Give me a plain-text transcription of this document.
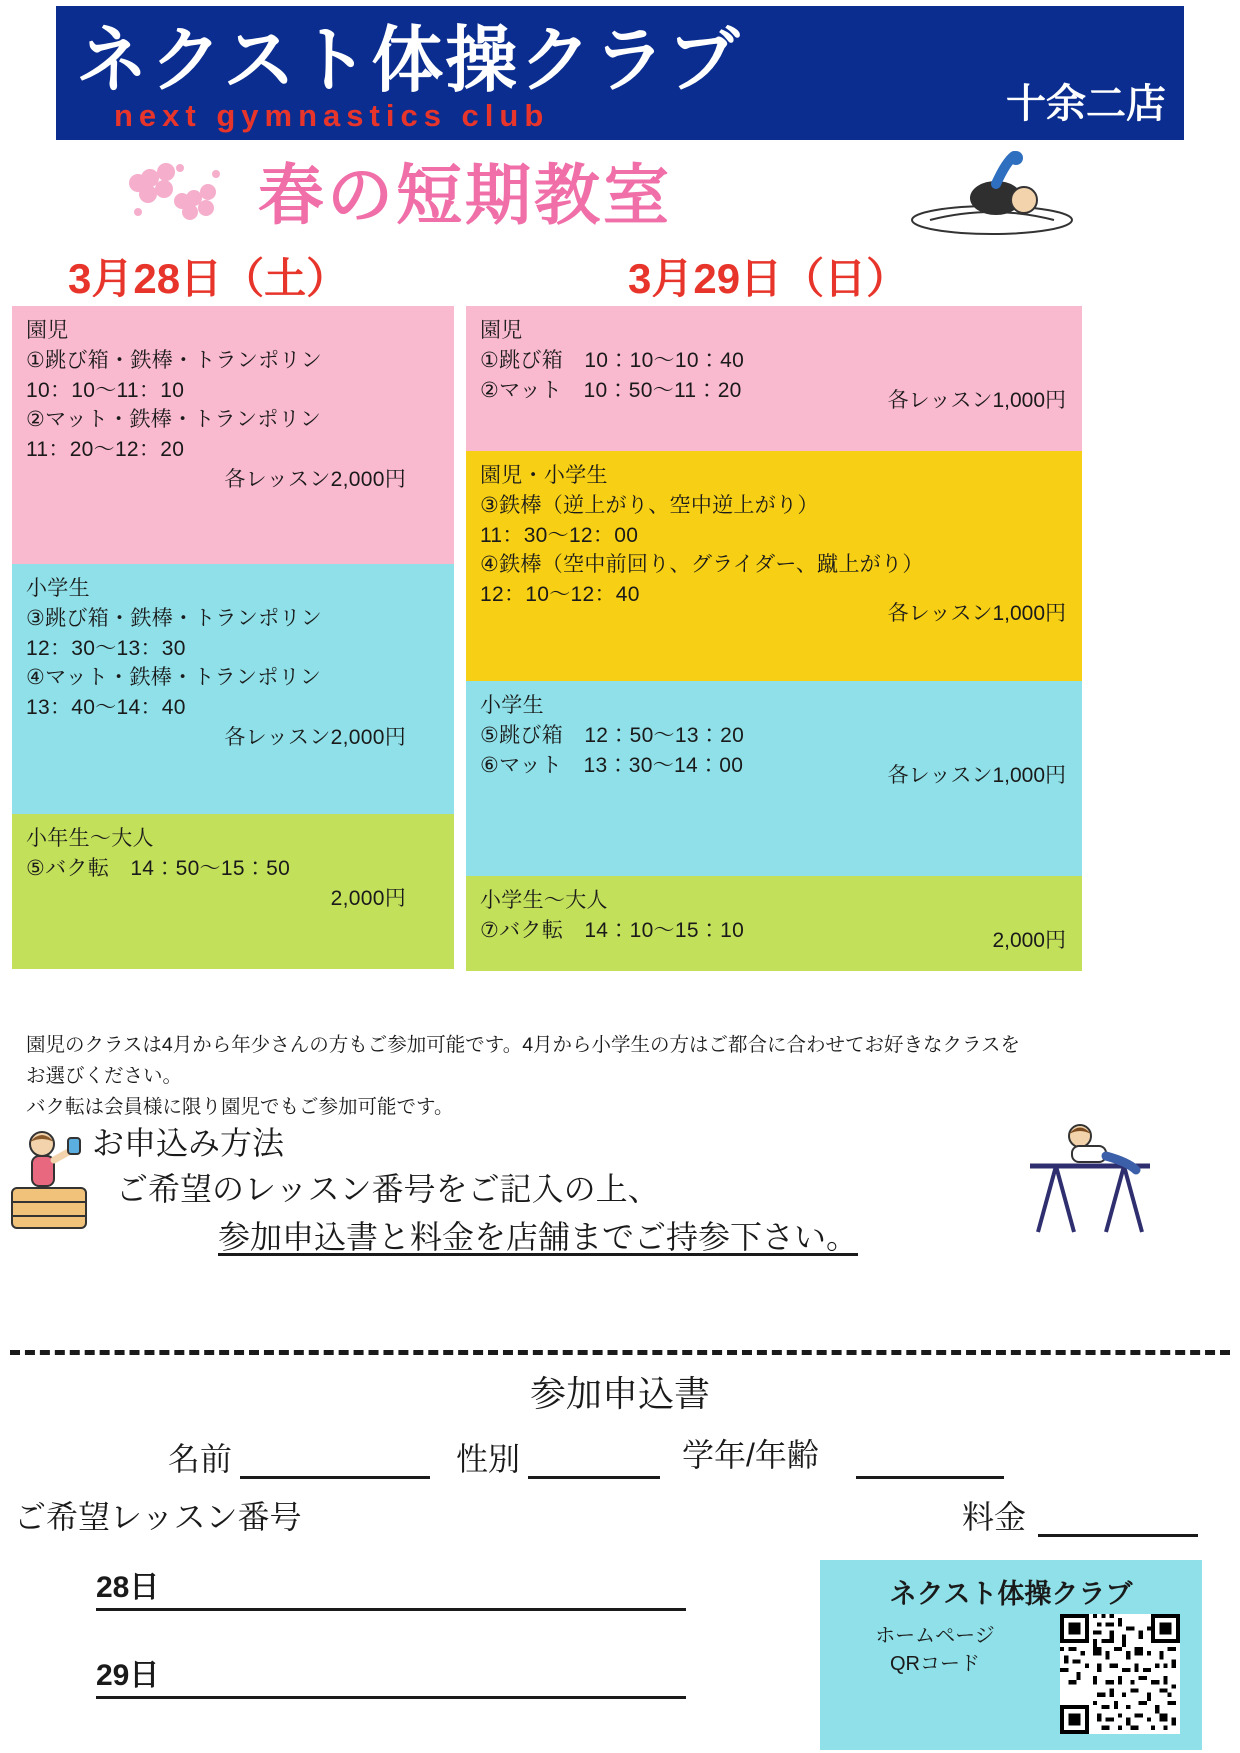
ネクスト体操クラブ
十余二店
next gymnastics club
春の短期教室
3月28日（土）	3月29日（日）
園児
①跳び箱・鉄棒・トランポリン
10：10〜11：10
②マット・鉄棒・トランポリン
11：20〜12：20
各レッスン2,000円
小学生
③跳び箱・鉄棒・トランポリン
12：30〜13：30
④マット・鉄棒・トランポリン
13：40〜14：40
各レッスン2,000円
小年生〜大人
⑤バク転　14：50〜15：50
2,000円
園児
①跳び箱　10：10〜10：40
②マット　10：50〜11：20	各レッスン1,000円
園児・小学生
③鉄棒（逆上がり、空中逆上がり）
11：30〜12：00
④鉄棒（空中前回り、グライダー、蹴上がり）
12：10〜12：40
各レッスン1,000円
小学生
⑤跳び箱　12：50〜13：20
⑥マット　13：30〜14：00	各レッスン1,000円
小学生〜大人
⑦バク転　14：10〜15：10	2,000円
園児のクラスは4月から年少さんの方もご参加可能です。4月から小学生の方はご都合に合わせてお好きなクラスを
お選びください。
バク転は会員様に限り園児でもご参加可能です。
お申込み方法
ご希望のレッスン番号をご記入の上、
参加申込書と料金を店舗までご持参下さい。
参加申込書
名前	性別	学年/年齢
ご希望レッスン番号	料金
28日
29日
ネクスト体操クラブ
ホームページ
QRコード
